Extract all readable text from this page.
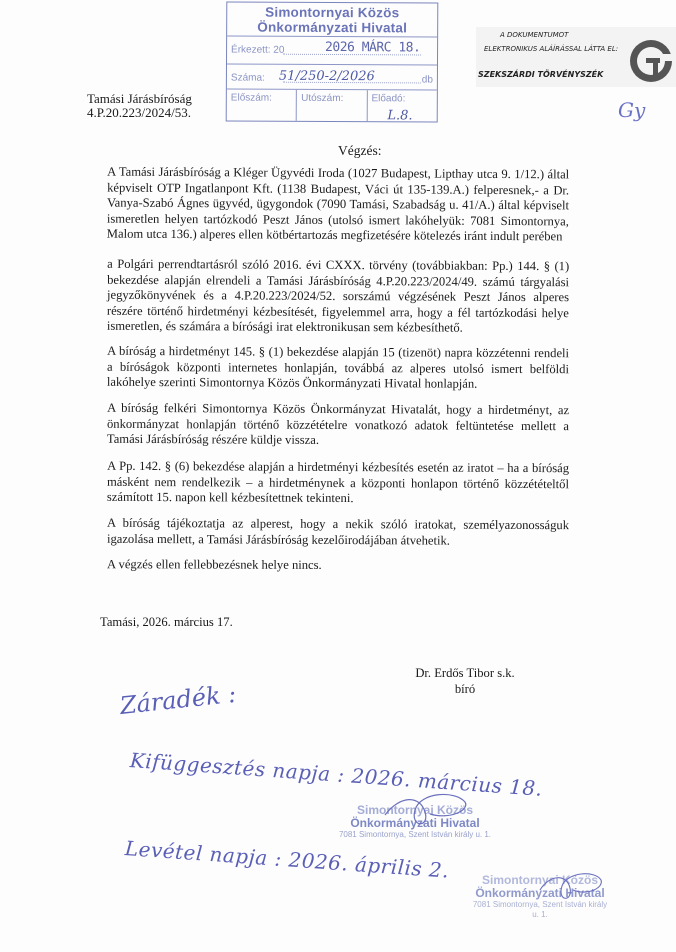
Simontornyai Közös
Önkormányzati Hivatal
Érkezett: 20	2026 MÁRC 18.
Száma: 51/250-2/2026	db
Előszám:	Utószám:	Előadó:
L.8.
A DOKUMENTUMOT
ELEKTRONIKUS ALÁÍRÁSSAL LÁTTA EL:
SZEKSZÁRDI TÖRVÉNYSZÉK
Gy
Tamási Járásbíróság
4.P.20.223/2024/53.
Végzés:
A Tamási Járásbíróság a Kléger Ügyvédi Iroda (1027 Budapest, Lipthay utca 9. 1/12.) által képviselt OTP Ingatlanpont Kft. (1138 Budapest, Váci út 135-139.A.) felperesnek,- a Dr. Vanya-Szabó Ágnes ügyvéd, ügygondok (7090 Tamási, Szabadság u. 41/A.) által képviselt ismeretlen helyen tartózkodó Peszt János (utolsó ismert lakóhelyük: 7081 Simontornya, Malom utca 136.) alperes ellen kötbértartozás megfizetésére kötelezés iránt indult perében
a Polgári perrendtartásról szóló 2016. évi CXXX. törvény (továbbiakban: Pp.) 144. § (1) bekezdése alapján elrendeli a Tamási Járásbíróság 4.P.20.223/2024/49. számú tárgyalási jegyzőkönyvének és a 4.P.20.223/2024/52. sorszámú végzésének Peszt János alperes részére történő hirdetményi kézbesítését, figyelemmel arra, hogy a fél tartózkodási helye ismeretlen, és számára a bírósági irat elektronikusan sem kézbesíthető.
A bíróság a hirdetményt 145. § (1) bekezdése alapján 15 (tizenöt) napra közzétenni rendeli a bíróságok központi internetes honlapján, továbbá az alperes utolsó ismert belföldi lakóhelye szerinti Simontornya Közös Önkormányzati Hivatal honlapján.
A bíróság felkéri Simontornya Közös Önkormányzat Hivatalát, hogy a hirdetményt, az önkormányzat honlapján történő közzétételre vonatkozó adatok feltüntetése mellett a Tamási Járásbíróság részére küldje vissza.
A Pp. 142. § (6) bekezdése alapján a hirdetményi kézbesítés esetén az iratot – ha a bíróság másként nem rendelkezik – a hirdetménynek a központi honlapon történő közzétételtől számított 15. napon kell kézbesítettnek tekinteni.
A bíróság tájékoztatja az alperest, hogy a nekik szóló iratokat, személyazonosságuk igazolása mellett, a Tamási Járásbíróság kezelőirodájában átvehetik.
A végzés ellen fellebbezésnek helye nincs.
Tamási, 2026. március 17.
Dr. Erdős Tibor s.k.
bíró
Záradék :
Kifüggesztés napja : 2026. március 18.
Levétel napja : 2026. április 2.
Simontornyai Közös
Önkormányzati Hivatal
7081 Simontornya, Szent István király u. 1.
Simontornyai Közös
Önkormányzati Hivatal
7081 Simontornya, Szent István király u. 1.
